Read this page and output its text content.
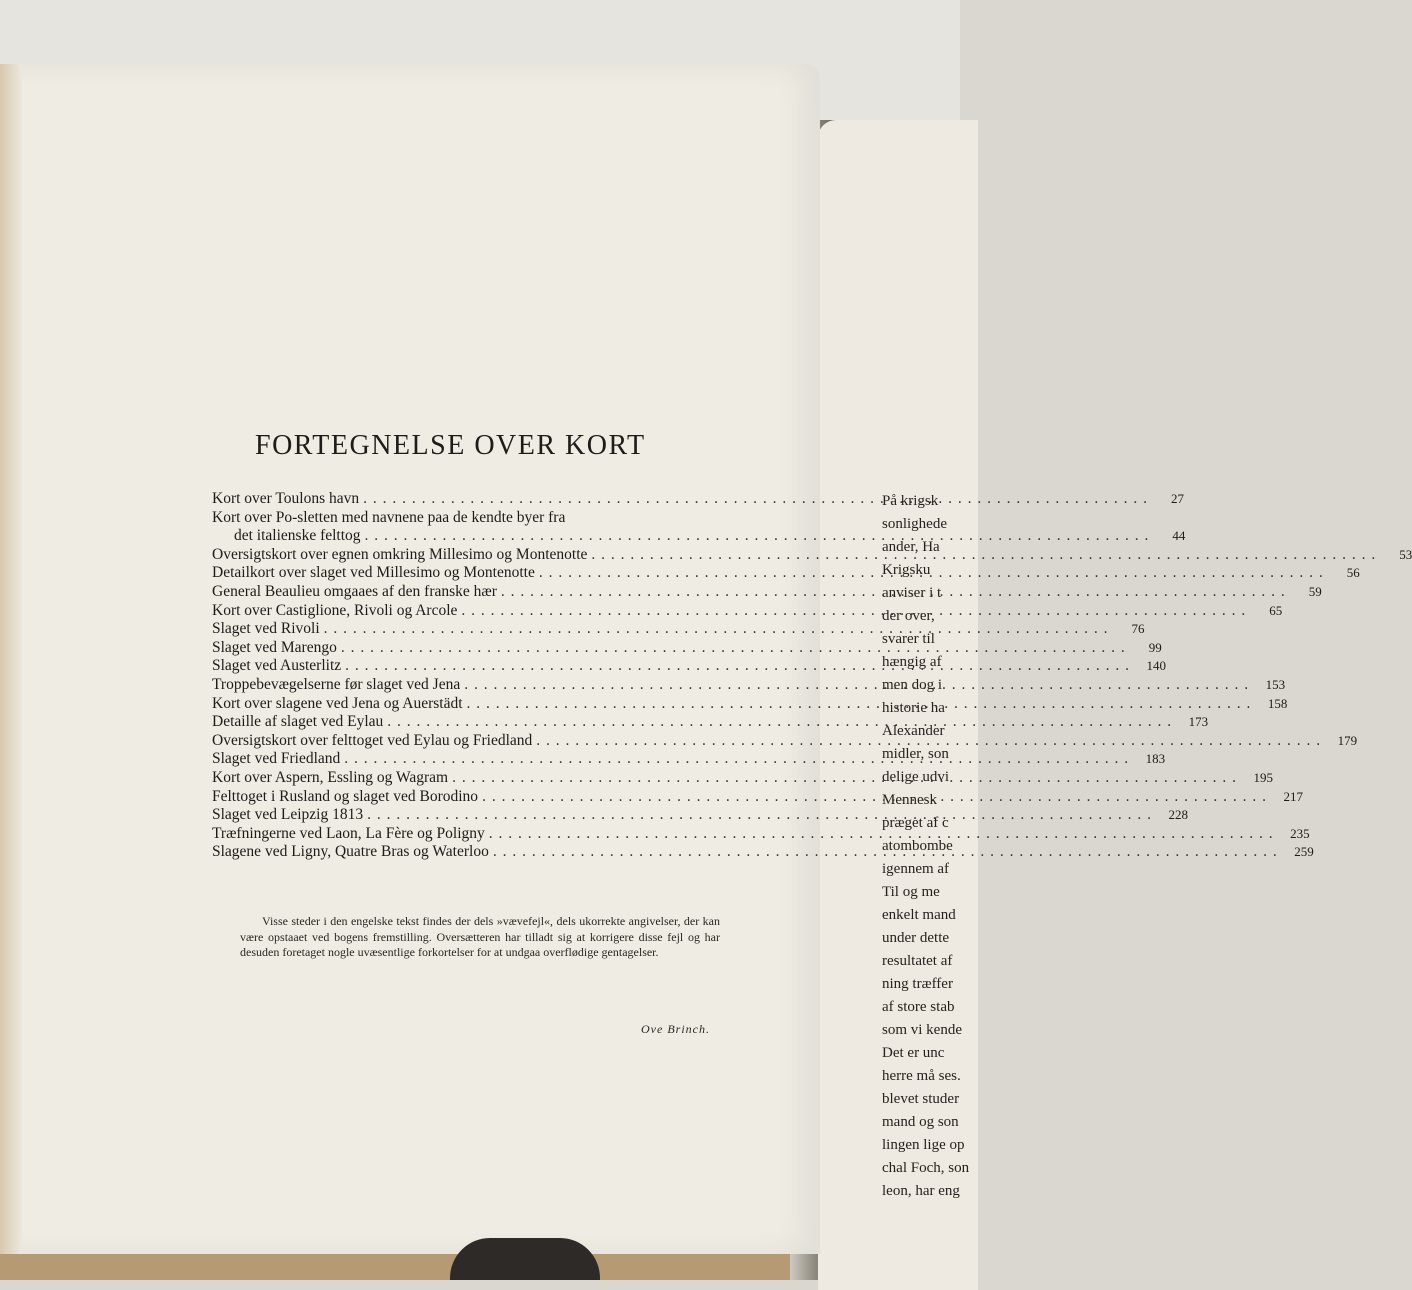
På krigsk
sonlighede
ander, Ha
Krigsku
anviser i t
der over,
svarer til
hængig af
men dog i
historie ha
Alexander
midler, son
delige udvi
Mennesk
præget af c
atombombe
igennem af
Til og me
enkelt mand
under dette
resultatet af
ning træffer
af store stab
som vi kende
Det er unc
herre må ses.
blevet studer
mand og son
lingen lige op
chal Foch, son
leon, har eng
FORTEGNELSE OVER KORT
Kort over Toulons havn . . .	27
Kort over Po-sletten med navnene paa de kendte byer fra
det italienske felttog . . .	44
Oversigtskort over egnen omkring Millesimo og Montenotte . . .	53
Detailkort over slaget ved Millesimo og Montenotte . . .	56
General Beaulieu omgaaes af den franske hær . . .	59
Kort over Castiglione, Rivoli og Arcole . . .	65
Slaget ved Rivoli . . .	76
Slaget ved Marengo . . .	99
Slaget ved Austerlitz . . .	140
Troppebevægelserne før slaget ved Jena . . .	153
Kort over slagene ved Jena og Auerstädt . . .	158
Detaille af slaget ved Eylau . . .	173
Oversigtskort over felttoget ved Eylau og Friedland . . .	179
Slaget ved Friedland . . .	183
Kort over Aspern, Essling og Wagram . . .	195
Felttoget i Rusland og slaget ved Borodino . . .	217
Slaget ved Leipzig 1813 . . .	228
Træfningerne ved Laon, La Fère og Poligny . . .	235
Slagene ved Ligny, Quatre Bras og Waterloo . . .	259
Visse steder i den engelske tekst findes der dels »vævefejl«, dels ukorrekte angivelser, der kan være opstaaet ved bogens fremstilling. Oversætteren har tilladt sig at korrigere disse fejl og har desuden foretaget nogle uvæsentlige forkortelser for at undgaa overflødige gentagelser.
Ove Brinch.
